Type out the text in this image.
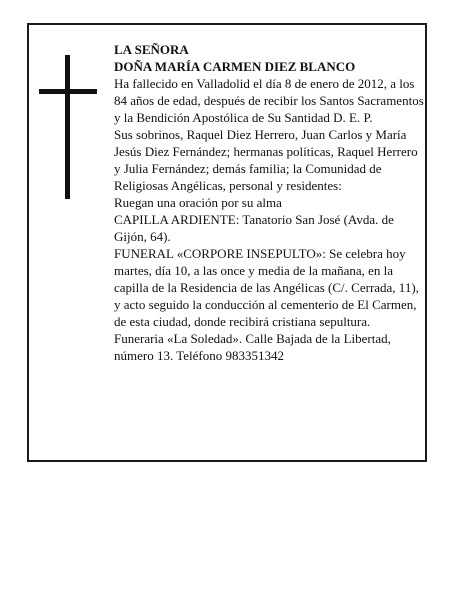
LA SEÑORA

DOÑA MARÍA CARMEN DIEZ BLANCO

Ha fallecido en Valladolid el día 8 de enero de 2012, a los 84 años de edad, después de recibir los Santos Sacramentos y la Bendición Apostólica de Su Santidad D. E. P.

Sus sobrinos, Raquel Diez Herrero, Juan Carlos y María Jesús Diez Fernández; hermanas políticas, Raquel Herrero y Julia Fernández; demás familia; la Comunidad de Religiosas Angélicas, personal y residentes:

Ruegan una oración por su alma

CAPILLA ARDIENTE: Tanatorio San José (Avda. de Gijón, 64).

FUNERAL «CORPORE INSEPULTO»: Se celebra hoy martes, día 10, a las once y media de la mañana, en la capilla de la Residencia de las Angélicas (C/. Cerrada, 11), y acto seguido la conducción al cementerio de El Carmen, de esta ciudad, donde recibirá cristiana sepultura.

Funeraria «La Soledad». Calle Bajada de la Libertad, número 13. Teléfono 983351342
